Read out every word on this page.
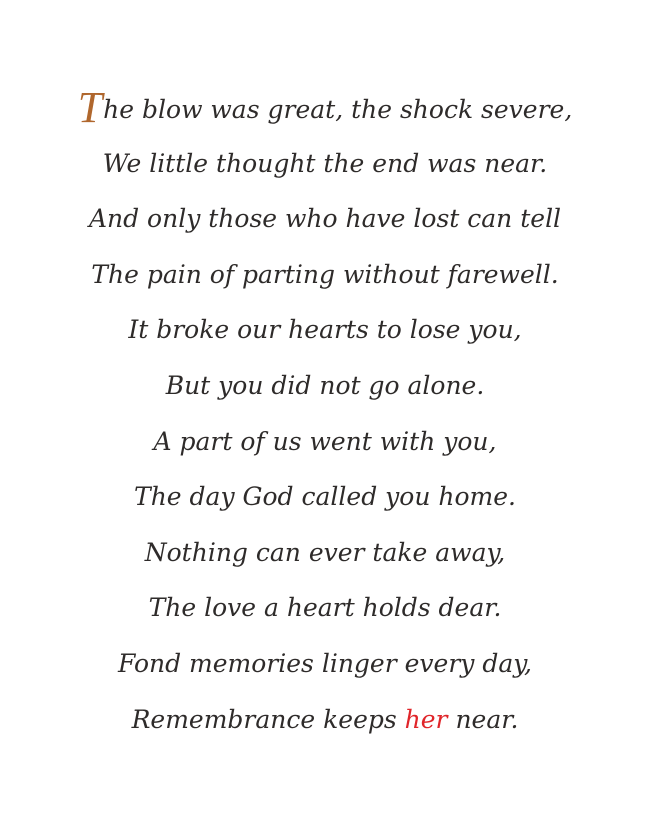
The blow was great, the shock severe,
We little thought the end was near.
And only those who have lost can tell
The pain of parting without farewell.
It broke our hearts to lose you,
But you did not go alone.
A part of us went with you,
The day God called you home.
Nothing can ever take away,
The love a heart holds dear.
Fond memories linger every day,
Remembrance keeps her near.
